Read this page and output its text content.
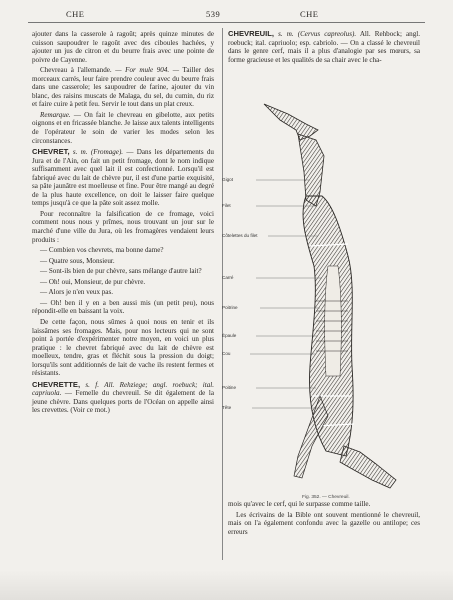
CHE	539	CHE

ajouter dans la casserole à ragoût; après quinze minutes de cuisson saupoudrer le ragoût avec des ciboules hachées, y ajouter un jus de citron et du beurre frais avec une pointe de poivre de Cayenne.

Chevreau à l'allemande. — For mule 904. — Tailler des morceaux carrés, leur faire prendre couleur avec du beurre frais dans une casserole; les saupoudrer de farine, ajouter du vin blanc, des raisins muscats de Malaga, du sel, du cumin, du riz et faire cuire à petit feu. Servir le tout dans un plat creux.

Remarque. — On fait le chevreau en gibelotte, aux petits oignons et en fricassée blanche. Je laisse aux talents intelligents de l'opérateur le soin de varier les modes selon les circonstances.

CHEVRET, s. m. (Fromage). — Dans les départements du Jura et de l'Ain, on fait un petit fromage, dont le nom indique suffisamment avec quel lait il est confectionné. Lorsqu'il est fabriqué avec du lait de chèvre pur, il est d'une partie exquisité, sa pâte jaunâtre est moelleuse et fine. Pour être mangé au degré de la plus haute excellence, on doit le laisser faire quelque temps jusqu'à ce que la pâte soit assez molle.

Pour reconnaître la falsification de ce fromage, voici comment nous nous y prîmes, nous trouvant un jour sur le marché d'une ville du Jura, où les fromagères vendaient leurs produits :

— Combien vos chevrets, ma bonne dame?

— Quatre sous, Monsieur.

— Sont-ils bien de pur chèvre, sans mélange d'autre lait?

— Oh! oui, Monsieur, de pur chèvre.

— Alors je n'en veux pas.

— Oh! ben il y en a ben aussi mis (un petit peu), nous répondit-elle en baissant la voix.

De cette façon, nous sûmes à quoi nous en tenir et ils laissâmes ses fromages. Mais, pour nos lecteurs qui ne sont point à portée d'expérimenter notre moyen, en voici un plus pratique : le chevret fabriqué avec du lait de chèvre est moelleux, tendre, gras et fléchit sous la pression du doigt; lorsqu'ils sont additionnés de lait de vache ils restent fermes et résistants.

CHEVRETTE, s. f. All. Rehziege; angl. roebuck; ital. capriuola. — Femelle du chevreuil. Se dit également de la jeune chèvre. Dans quelques ports de l'Océan on appelle ainsi les crevettes. (Voir ce mot.)

CHEVREUIL, s. m. (Cervus capreolus). All. Rehbock; angl. roebuck; ital. capriuolo; esp. cabriolo. — On a classé le chevreuil dans le genre cerf, mais il a plus d'analogie par ses mœurs, sa forme gracieuse et les qualités de sa chair avec le cha-

Gigot
Filet
Côtelettes du filet
Carré
Poitrine
Épaule
Cou
Poitine
Tête
Fig. 352. — Chevreuil.

mois qu'avec le cerf, qui le surpasse comme taille.

Les écrivains de la Bible ont souvent mentionné le chevreuil, mais on l'a également confondu avec la gazelle ou antilope; ces erreurs
